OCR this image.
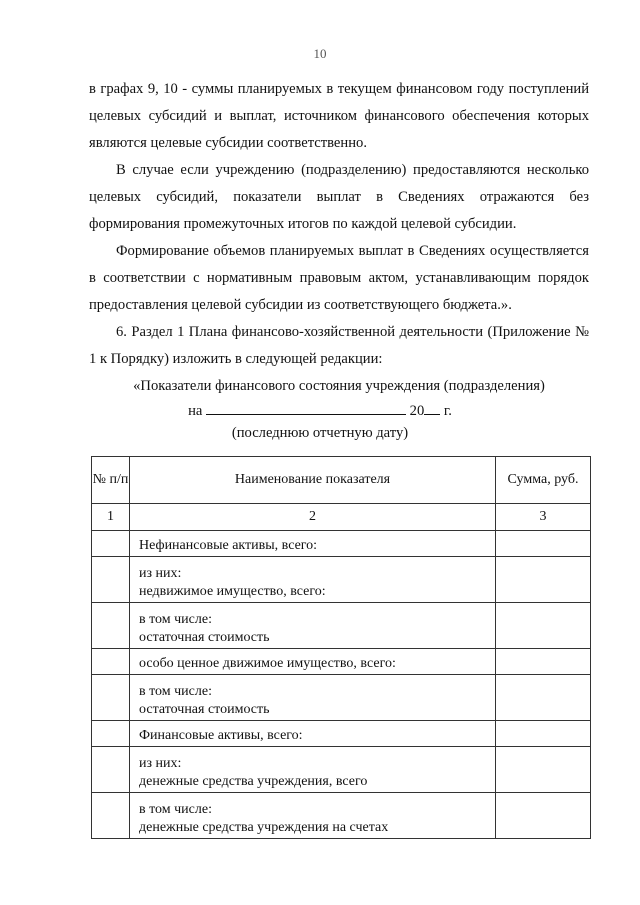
10

в графах 9, 10 - суммы планируемых в текущем финансовом году поступлений целевых субсидий и выплат, источником финансового обеспечения которых являются целевые субсидии соответственно.

В случае если учреждению (подразделению) предоставляются несколько целевых субсидий, показатели выплат в Сведениях отражаются без формирования промежуточных итогов по каждой целевой субсидии.

Формирование объемов планируемых выплат в Сведениях осуществляется в соответствии с нормативным правовым актом, устанавливающим порядок предоставления целевой субсидии из соответствующего бюджета.».

6. Раздел 1 Плана финансово-хозяйственной деятельности (Приложение № 1 к Порядку) изложить в следующей редакции:

«Показатели финансового состояния учреждения (подразделения)

на	20 г.
(последнюю отчетную дату)
№ п/п	Наименование показателя	Сумма, руб.
1	2	3

	Нефинансовые активы, всего:	

	из них:
недвижимое имущество, всего:	

	в том числе:
остаточная стоимость	

	особо ценное движимое имущество, всего:	

	в том числе:
остаточная стоимость	

	Финансовые активы, всего:	

	из них:
денежные средства учреждения, всего	

	в том числе:
денежные средства учреждения на счетах	
